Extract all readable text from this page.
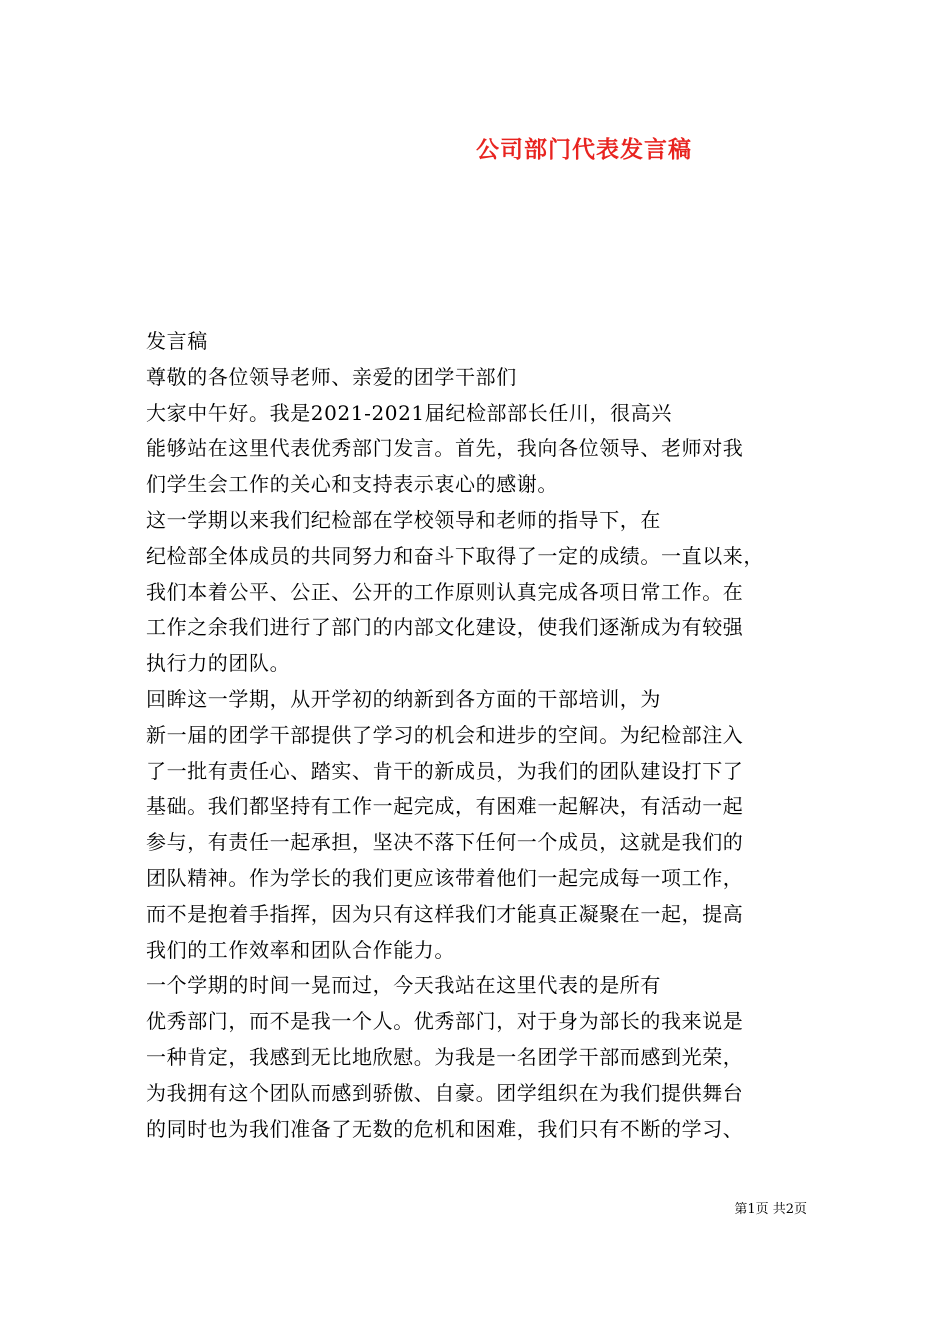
公司部门代表发言稿

发言稿

尊敬的各位领导老师、亲爱的团学干部们

大家中午好。我是2021-2021届纪检部部长任川，很高兴

能够站在这里代表优秀部门发言。首先，我向各位领导、老师对我

们学生会工作的关心和支持表示衷心的感谢。

这一学期以来我们纪检部在学校领导和老师的指导下，在

纪检部全体成员的共同努力和奋斗下取得了一定的成绩。一直以来，

我们本着公平、公正、公开的工作原则认真完成各项日常工作。在

工作之余我们进行了部门的内部文化建设，使我们逐渐成为有较强

执行力的团队。

回眸这一学期，从开学初的纳新到各方面的干部培训，为

新一届的团学干部提供了学习的机会和进步的空间。为纪检部注入

了一批有责任心、踏实、肯干的新成员，为我们的团队建设打下了

基础。我们都坚持有工作一起完成，有困难一起解决，有活动一起

参与，有责任一起承担，坚决不落下任何一个成员，这就是我们的

团队精神。作为学长的我们更应该带着他们一起完成每一项工作，

而不是抱着手指挥，因为只有这样我们才能真正凝聚在一起，提高

我们的工作效率和团队合作能力。

一个学期的时间一晃而过，今天我站在这里代表的是所有

优秀部门，而不是我一个人。优秀部门，对于身为部长的我来说是

一种肯定，我感到无比地欣慰。为我是一名团学干部而感到光荣，

为我拥有这个团队而感到骄傲、自豪。团学组织在为我们提供舞台

的同时也为我们准备了无数的危机和困难，我们只有不断的学习、

第1页 共2页
